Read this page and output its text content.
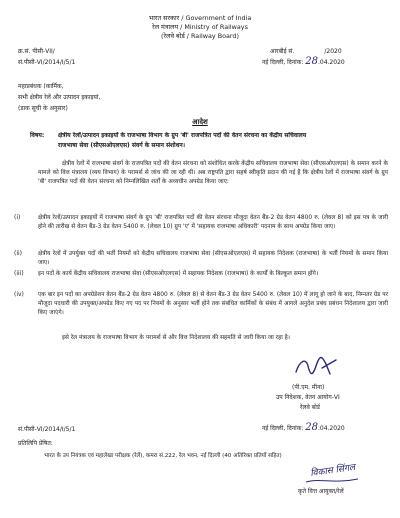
भारत सरकार / Government of India
रेल मंत्रालय / Ministry of Railways
(रेलवे बोर्ड / Railway Board)
क्र.सं. पीसी-VII/	आरबीई सं.	/2020
सं.पीसी-VI/2014/I/5/1	नई दिल्ली, दिनांक: 28.04.2020
महाप्रबंधक (कार्मिक,
सभी क्षेत्रीय रेलें और उत्पादन इकाइयां,
(डाक सूची के अनुसार)
आदेश
विषय: क्षेत्रीय रेलों/उत्पादन इकाइयों के राजभाषा विभाग के ग्रुप 'बी' राजपत्रित पदों की वेतन संरचना का केंद्रीय सचिवालय
राजभाषा सेवा (सीएसओएलएस) संवर्ग के समान संशोधन।
क्षेत्रीय रेलों में राजभाषा संवर्ग के राजपत्रित पदों की वेतन संरचना को संशोधित करके केंद्रीय सचिवालय राजभाषा सेवा (सीएसओएलएस) के समान करने के मामले को वित्त मंत्रालय (व्यय विभाग) के परामर्श से जांच की जा रही थी। अब राष्ट्रपति द्वारा सहर्ष स्वीकृति प्रदान की गई है कि क्षेत्रीय रेलों में राजभाषा संवर्ग के ग्रुप 'बी' राजपत्रित पदों की वेतन संरचना को निम्नलिखित शर्तों के अध्यधीन अपग्रेड किया जाए:
(i)	क्षेत्रीय रेलों/उत्पादन इकाइयों में राजभाषा संवर्ग के ग्रुप 'बी' राजपत्रित पदों की वेतन संरचना मौजूदा वेतन बैंड-2 ग्रेड वेतन 4800 रु. (लेवल 8) को इस पत्र के जारी होने की तारीख से वेतन बैंड-3 ग्रेड वेतन 5400 रु. (लेवल 10) ग्रुप 'ए' में 'सहायक राजभाषा अधिकारी' पदनाम के साथ अपग्रेड किया जाए।
(ii)	क्षेत्रीय रेलों में उपर्युक्त पदों की भर्ती नियमों को केंद्रीय सचिवालय राजभाषा सेवा (सीएसओएलएस) में सहायक निदेशक (राजभाषा) के भर्ती नियमों के समान किया जाए।
(iii) इन पदों के कार्य केंद्रीय सचिवालय राजभाषा सेवा (सीएसओएलएस) में सहायक निदेशक (राजभाषा) के कार्यों के बिल्कुल समान होंगे।
(iv) एक बार इन पदों का अपग्रेडेशन वेतन बैंड-2 ग्रेड वेतन 4800 रु. (लेवल 8) से वेतन बैंड-3 ग्रेड वेतन 5400 रु. (लेवल 10) में लागू हो जाने के बाद, निम्नतर ग्रेड पर मौजूदा पदधारी की उपयुक्त/अपग्रेड किए गए पद पर नियमों के अनुसार भर्ती होने तक संबंधित कार्मिकों के संबंध में आगले अनुदेश प्रबंध प्रबंधन निदेशालय द्वारा जारी किए जाएंगे।
इसे रेल मंत्रालय के राजभाषा विभाग के परामर्श से और वित्त निदेशालय की सहमति से जारी किया जा रहा है।
(पी.एम. मीना)
उप निदेशक, वेतन आयोग-VI
रेलवे बोर्ड
सं.पीसी-VI/2014/I/5/1	नई दिल्ली, दिनांक: 28.04.2020
प्रतिलिपि प्रेषित:
भारत के उप नियंत्रक एवं महालेखा परीक्षक (रेलें), कमरा सं.222, रेल भवन, नई दिल्ली (40 अतिरिक्त प्रतियों सहित)
विकास सिंगल
कृते वित्त आयुक्त/रेलें
